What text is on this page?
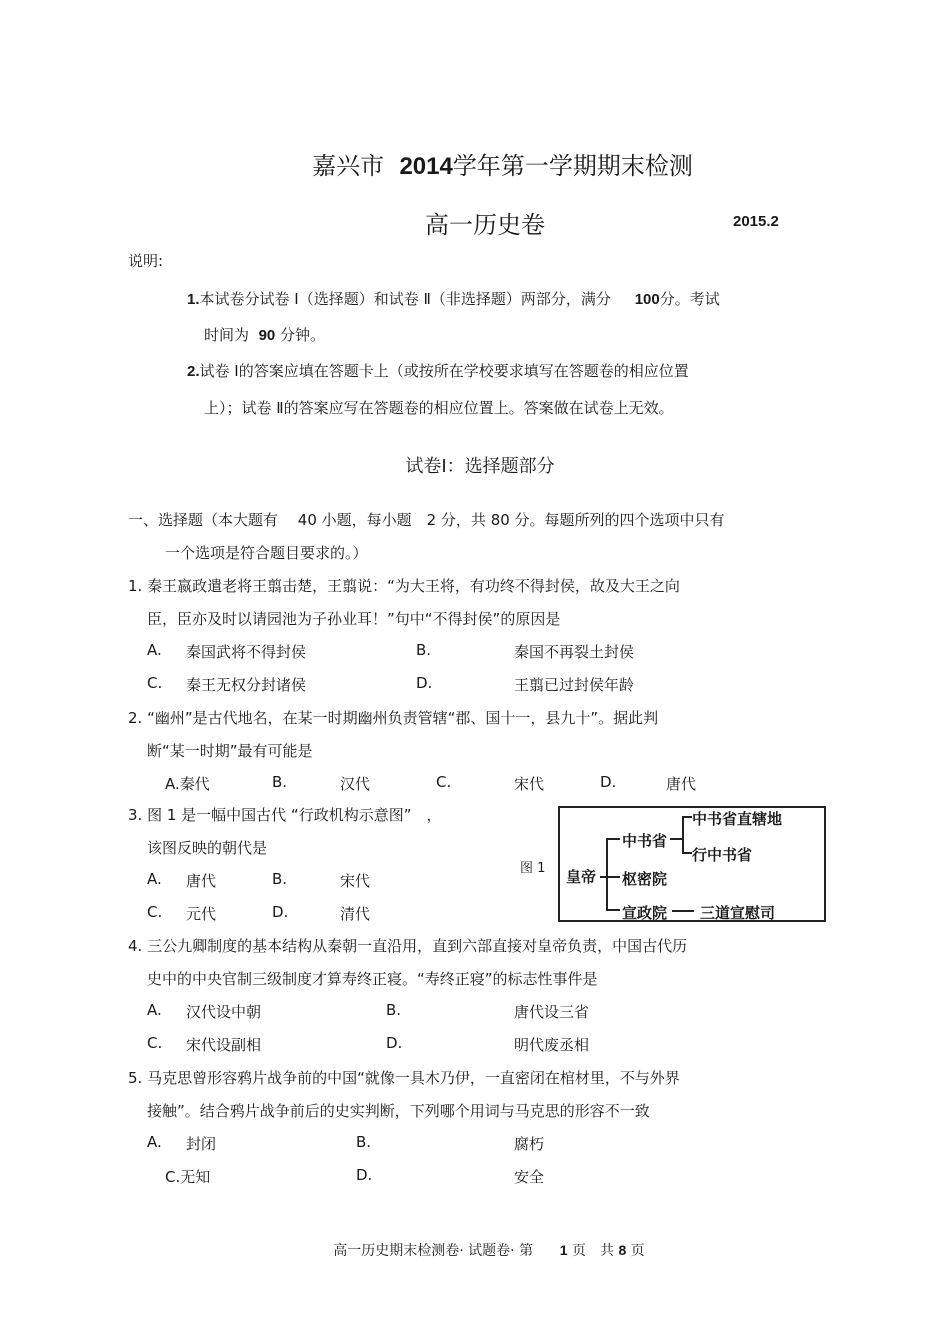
嘉兴市 2014学年第一学期期末检测
高一历史卷	2015.2
说明:
1.本试卷分试卷 Ⅰ（选择题）和试卷 Ⅱ（非选择题）两部分，满分 100分。考试
时间为 90 分钟。
2.试卷 Ⅰ的答案应填在答题卡上（或按所在学校要求填写在答题卷的相应位置
上）；试卷 Ⅱ的答案应写在答题卷的相应位置上。答案做在试卷上无效。
试卷Ⅰ：选择题部分
一、选择题（本大题有　 40 小题，每小题　2 分，共 80 分。每题所列的四个选项中只有
一个选项是符合题目要求的。）
1. 秦王嬴政遣老将王翦击楚，王翦说：“为大王将，有功终不得封侯，故及大王之向
臣，臣亦及时以请园池为子孙业耳！”句中“不得封侯”的原因是
A. 秦国武将不得封侯	B.	秦国不再裂土封侯
C. 秦王无权分封诸侯	D.	王翦已过封侯年龄
2. “幽州”是古代地名，在某一时期幽州负责管辖“郡、国十一，县九十”。据此判
断“某一时期”最有可能是
A.秦代	B.	汉代	C.	宋代	D.	唐代
3. 图 1 是一幅中国古代 “行政机构示意图”　，
该图反映的朝代是
A. 唐代	B.	宋代
C. 元代	D.	清代
图 1 皇帝
中书省
中书省直辖地
行中书省
枢密院
宣政院 三道宣慰司
4. 三公九卿制度的基本结构从秦朝一直沿用，直到六部直接对皇帝负责，中国古代历
史中的中央官制三级制度才算寿终正寝。“寿终正寝”的标志性事件是
A. 汉代设中朝	B.	唐代设三省
C. 宋代设副相	D.	明代废丞相
5. 马克思曾形容鸦片战争前的中国“就像一具木乃伊，一直密闭在棺材里，不与外界
接触”。结合鸦片战争前后的史实判断，下列哪个用词与马克思的形容不一致
A. 封闭	B.	腐朽
C.无知	D.	安全
高一历史期末检测卷· 试题卷· 第 1 页　共 8 页
